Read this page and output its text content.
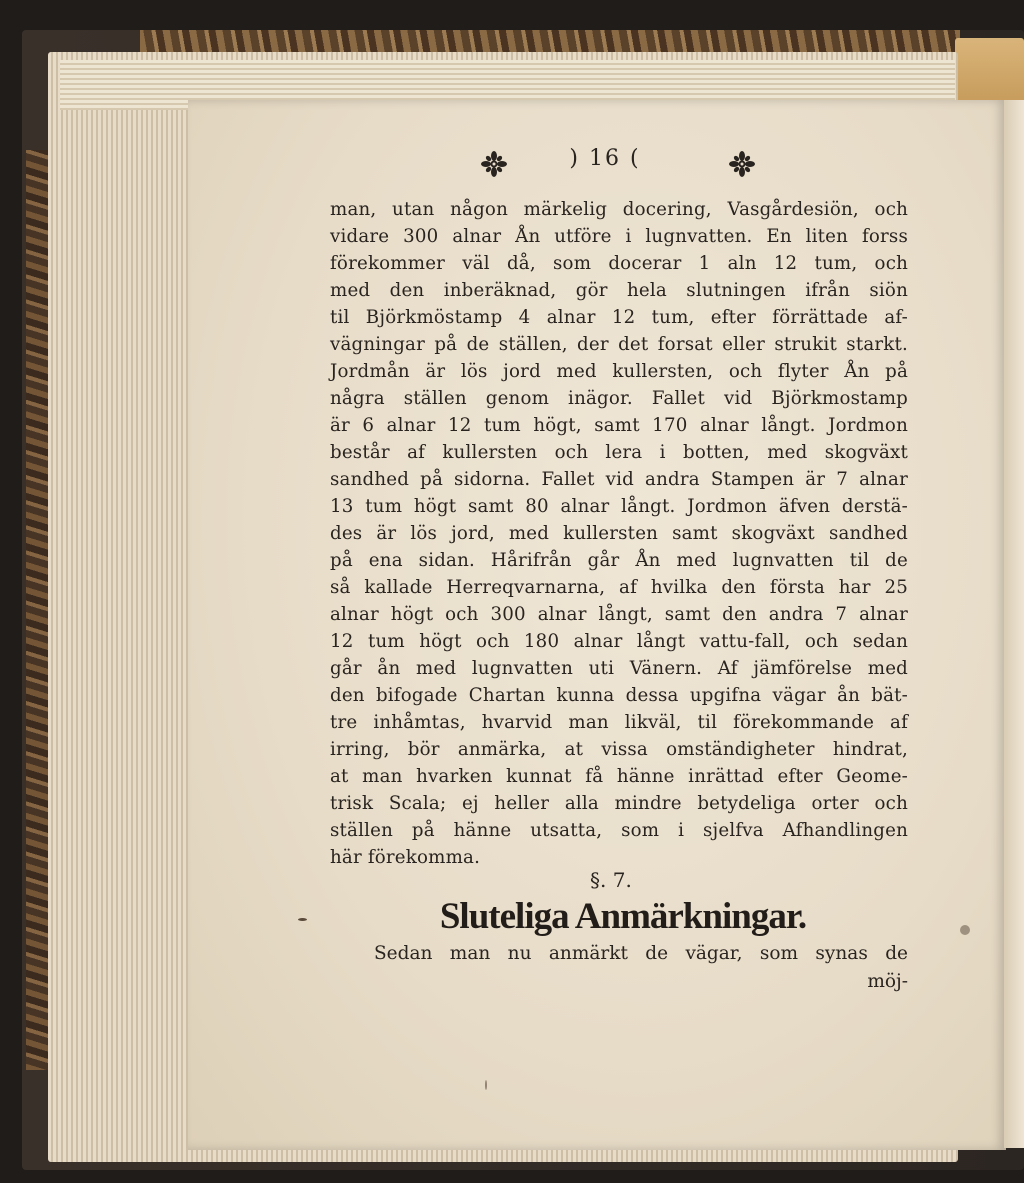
) 16 (
man, utan någon märkelig docering, Vasgårdesiön, och
vidare 300 alnar Ån utföre i lugnvatten. En liten forss
förekommer väl då, som docerar 1 aln 12 tum, och
med den inberäknad, gör hela slutningen ifrån siön
til Björkmöstamp 4 alnar 12 tum, efter förrättade af-
vägningar på de ställen, der det forsat eller strukit starkt.
Jordmån är lös jord med kullersten, och flyter Ån på
några ställen genom inägor. Fallet vid Björkmostamp
är 6 alnar 12 tum högt, samt 170 alnar långt. Jordmon
består af kullersten och lera i botten, med skogväxt
sandhed på sidorna. Fallet vid andra Stampen är 7 alnar
13 tum högt samt 80 alnar långt. Jordmon äfven derstä-
des är lös jord, med kullersten samt skogväxt sandhed
på ena sidan. Hårifrån går Ån med lugnvatten til de
så kallade Herreqvarnarna, af hvilka den första har 25
alnar högt och 300 alnar långt, samt den andra 7 alnar
12 tum högt och 180 alnar långt vattu-fall, och sedan
går ån med lugnvatten uti Vänern. Af jämförelse med
den bifogade Chartan kunna dessa upgifna vägar ån bät-
tre inhåmtas, hvarvid man likväl, til förekommande af
irring, bör anmärka, at vissa omständigheter hindrat,
at man hvarken kunnat få hänne inrättad efter Geome-
trisk Scala; ej heller alla mindre betydeliga orter och
ställen på hänne utsatta, som i sjelfva Afhandlingen
här förekomma.
§. 7.
Sluteliga Anmärkningar.
Sedan man nu anmärkt de vägar, som synas de
möj-
